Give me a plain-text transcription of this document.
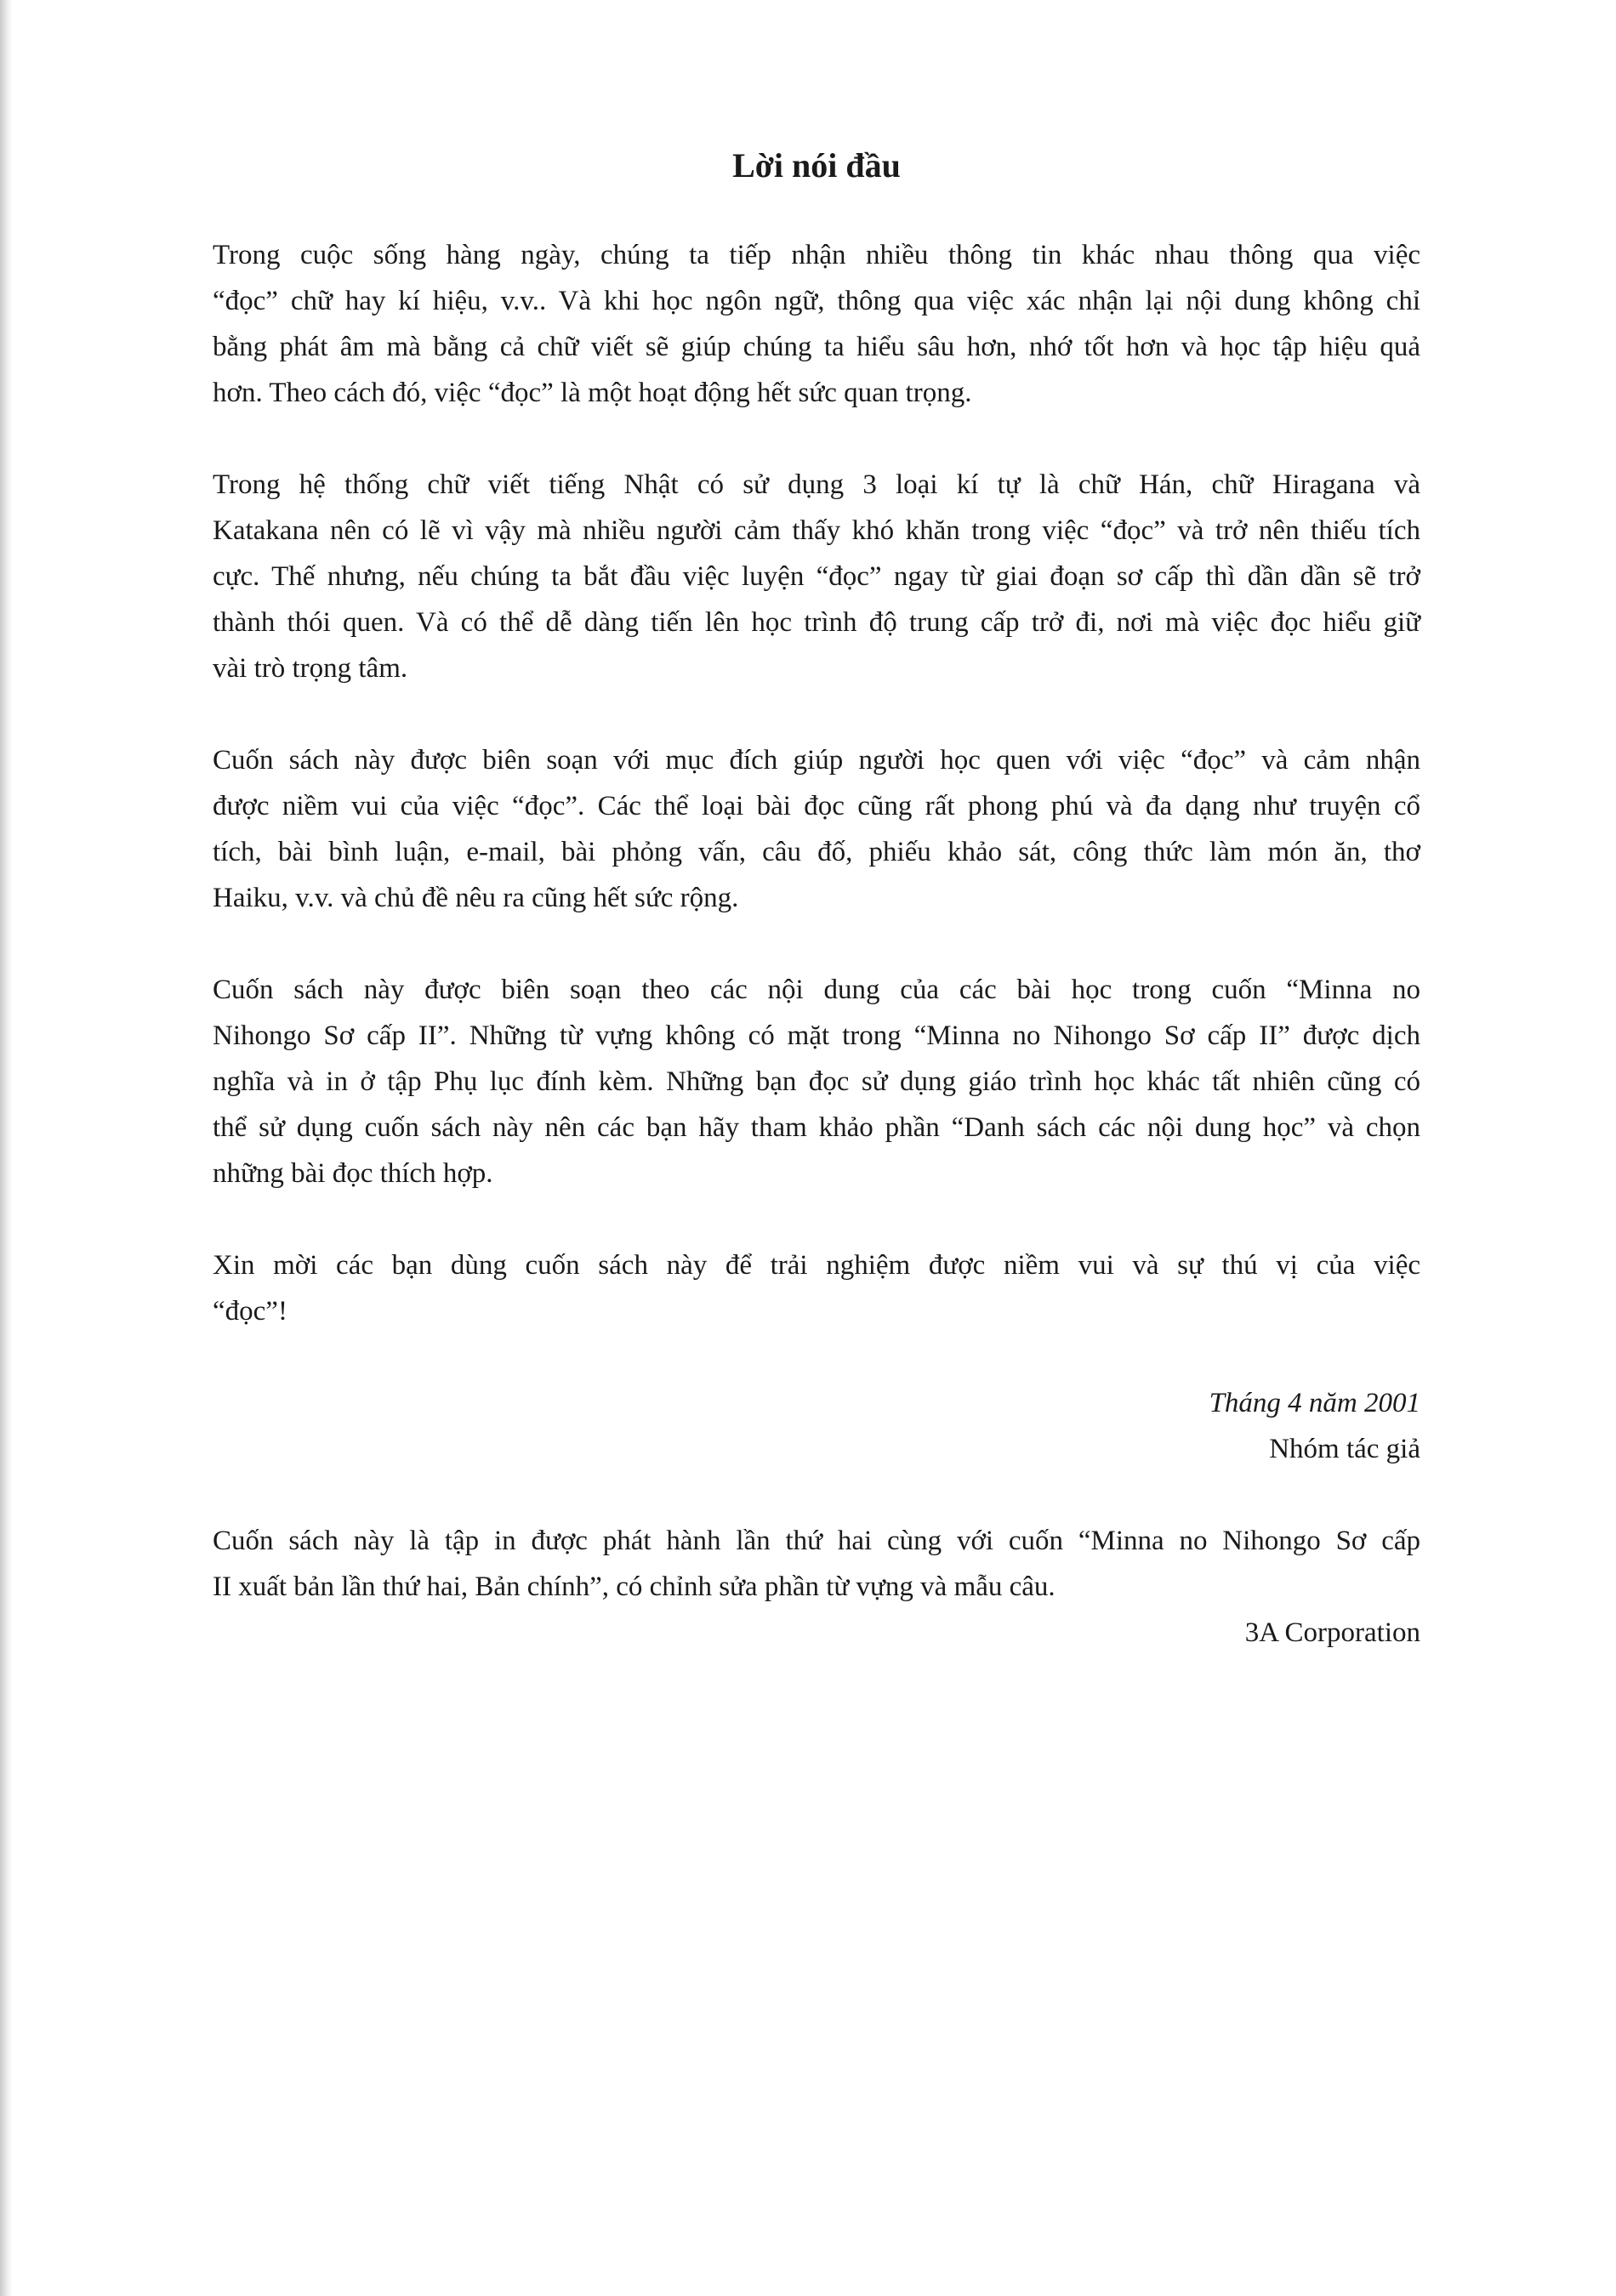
Lời nói đầu
Trong cuộc sống hàng ngày, chúng ta tiếp nhận nhiều thông tin khác nhau thông qua việc
“đọc” chữ hay kí hiệu, v.v.. Và khi học ngôn ngữ, thông qua việc xác nhận lại nội dung không chỉ
bằng phát âm mà bằng cả chữ viết sẽ giúp chúng ta hiểu sâu hơn, nhớ tốt hơn và học tập hiệu quả
hơn. Theo cách đó, việc “đọc” là một hoạt động hết sức quan trọng.
Trong hệ thống chữ viết tiếng Nhật có sử dụng 3 loại kí tự là chữ Hán, chữ Hiragana và
Katakana nên có lẽ vì vậy mà nhiều người cảm thấy khó khăn trong việc “đọc” và trở nên thiếu tích
cực. Thế nhưng, nếu chúng ta bắt đầu việc luyện “đọc” ngay từ giai đoạn sơ cấp thì dần dần sẽ trở
thành thói quen. Và có thể dễ dàng tiến lên học trình độ trung cấp trở đi, nơi mà việc đọc hiểu giữ
vài trò trọng tâm.
Cuốn sách này được biên soạn với mục đích giúp người học quen với việc “đọc” và cảm nhận
được niềm vui của việc “đọc”. Các thể loại bài đọc cũng rất phong phú và đa dạng như truyện cổ
tích, bài bình luận, e-mail, bài phỏng vấn, câu đố, phiếu khảo sát, công thức làm món ăn, thơ
Haiku, v.v. và chủ đề nêu ra cũng hết sức rộng.
Cuốn sách này được biên soạn theo các nội dung của các bài học trong cuốn “Minna no
Nihongo Sơ cấp II”. Những từ vựng không có mặt trong “Minna no Nihongo Sơ cấp II” được dịch
nghĩa và in ở tập Phụ lục đính kèm. Những bạn đọc sử dụng giáo trình học khác tất nhiên cũng có
thể sử dụng cuốn sách này nên các bạn hãy tham khảo phần “Danh sách các nội dung học” và chọn
những bài đọc thích hợp.
Xin mời các bạn dùng cuốn sách này để trải nghiệm được niềm vui và sự thú vị của việc
“đọc”!

Tháng 4 năm 2001

Nhóm tác giả

Cuốn sách này là tập in được phát hành lần thứ hai cùng với cuốn “Minna no Nihongo Sơ cấp
II xuất bản lần thứ hai, Bản chính”, có chỉnh sửa phần từ vựng và mẫu câu.

3A Corporation
